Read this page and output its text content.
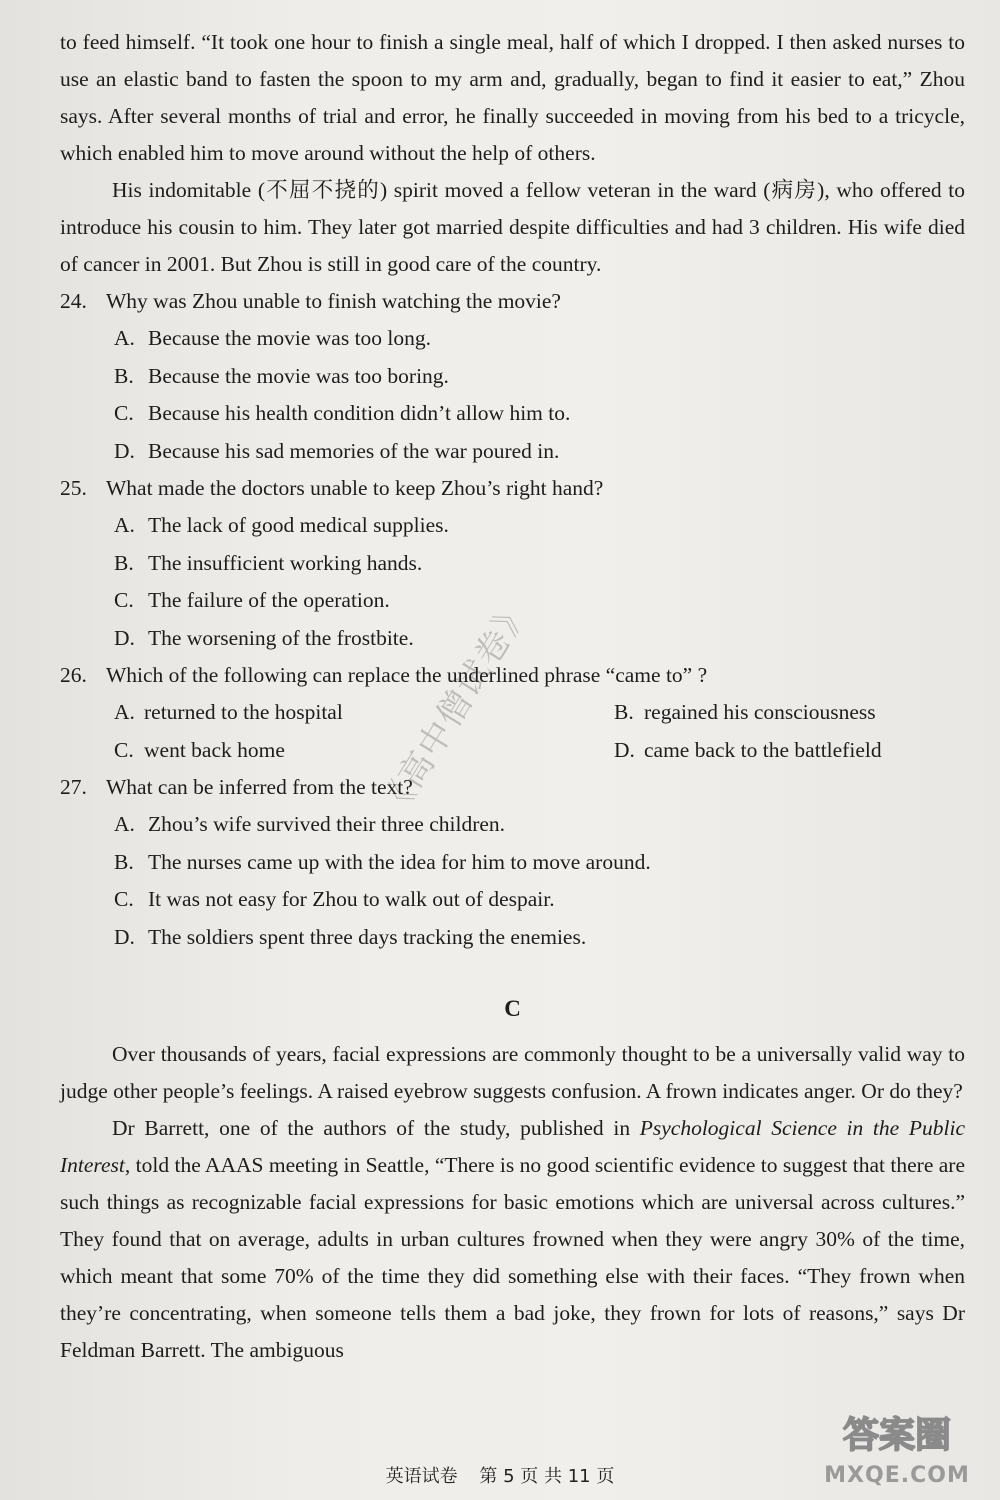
to feed himself. “It took one hour to finish a single meal, half of which I dropped. I then asked nurses to use an elastic band to fasten the spoon to my arm and, gradually, began to find it easier to eat,” Zhou says. After several months of trial and error, he finally succeeded in moving from his bed to a tricycle, which enabled him to move around without the help of others.

His indomitable (不屈不挠的) spirit moved a fellow veteran in the ward (病房), who offered to introduce his cousin to him. They later got married despite difficulties and had 3 children. His wife died of cancer in 2001. But Zhou is still in good care of the country.

24. Why was Zhou unable to finish watching the movie?

A. Because the movie was too long.

B. Because the movie was too boring.

C. Because his health condition didn’t allow him to.

D. Because his sad memories of the war poured in.

25. What made the doctors unable to keep Zhou’s right hand?

A. The lack of good medical supplies.

B. The insufficient working hands.

C. The failure of the operation.

D. The worsening of the frostbite.

26. Which of the following can replace the underlined phrase “came to” ?

A. returned to the hospital	B. regained his consciousness
C. went back home	D. came back to the battlefield

27. What can be inferred from the text?

A. Zhou’s wife survived their three children.

B. The nurses came up with the idea for him to move around.

C. It was not easy for Zhou to walk out of despair.

D. The soldiers spent three days tracking the enemies.

C

Over thousands of years, facial expressions are commonly thought to be a universally valid way to judge other people’s feelings. A raised eyebrow suggests confusion. A frown indicates anger. Or do they?

Dr Barrett, one of the authors of the study, published in Psychological Science in the Public Interest, told the AAAS meeting in Seattle, “There is no good scientific evidence to suggest that there are such things as recognizable facial expressions for basic emotions which are universal across cultures.” They found that on average, adults in urban cultures frowned when they were angry 30% of the time, which meant that some 70% of the time they did something else with their faces. “They frown when they’re concentrating, when someone tells them a bad joke, they frown for lots of reasons,” says Dr Feldman Barrett. The ambiguous

《高中僧试卷》
英语试卷 第 5 页 共 11 页
答案圈
MXQE.COM
